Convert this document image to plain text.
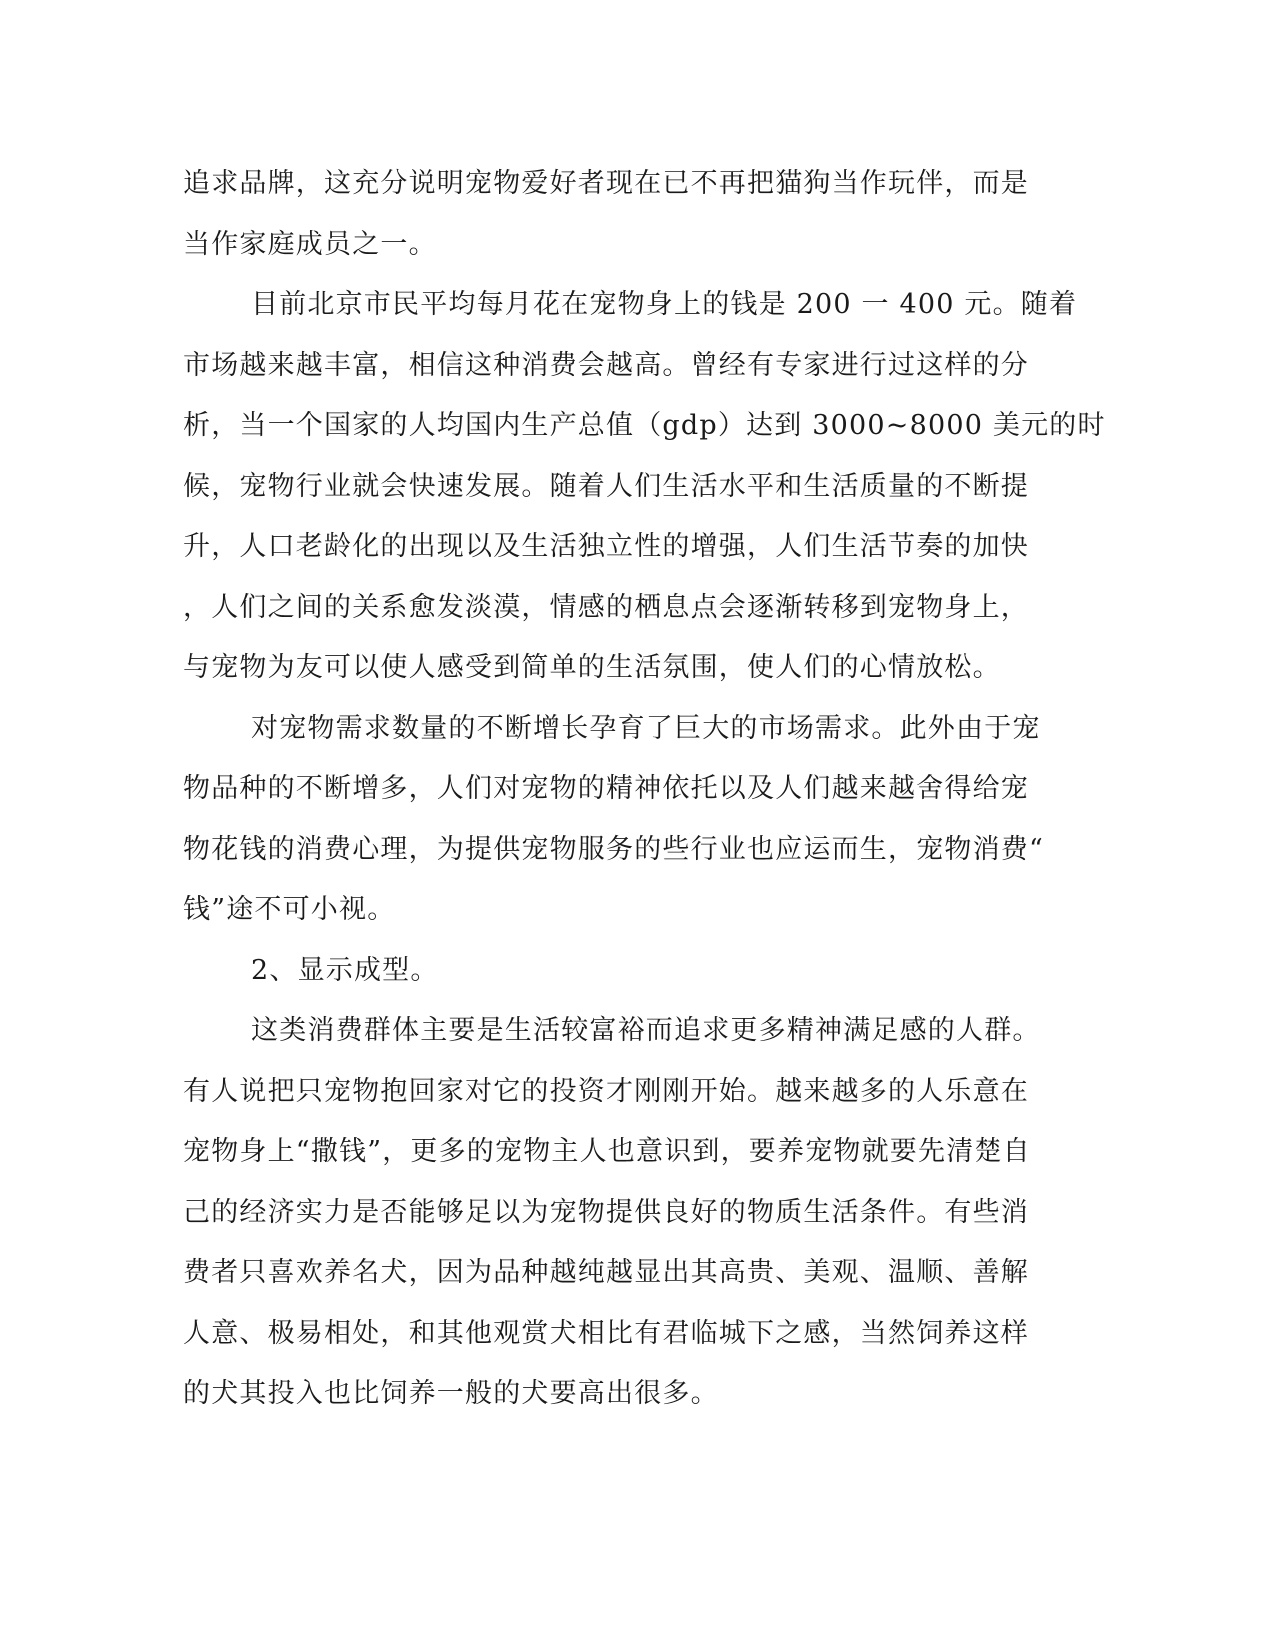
追求品牌，这充分说明宠物爱好者现在已不再把猫狗当作玩伴，而是
当作家庭成员之一。
目前北京市民平均每月花在宠物身上的钱是 200 一 400 元。随着
市场越来越丰富，相信这种消费会越高。曾经有专家进行过这样的分
析，当一个国家的人均国内生产总值（gdp）达到 3000~8000 美元的时
候，宠物行业就会快速发展。随着人们生活水平和生活质量的不断提
升，人口老龄化的出现以及生活独立性的增强，人们生活节奏的加快
，人们之间的关系愈发淡漠，情感的栖息点会逐渐转移到宠物身上，
与宠物为友可以使人感受到简单的生活氛围，使人们的心情放松。
对宠物需求数量的不断增长孕育了巨大的市场需求。此外由于宠
物品种的不断增多，人们对宠物的精神依托以及人们越来越舍得给宠
物花钱的消费心理，为提供宠物服务的些行业也应运而生，宠物消费“
钱”途不可小视。
2、显示成型。
这类消费群体主要是生活较富裕而追求更多精神满足感的人群。
有人说把只宠物抱回家对它的投资才刚刚开始。越来越多的人乐意在
宠物身上“撒钱”，更多的宠物主人也意识到，要养宠物就要先清楚自
己的经济实力是否能够足以为宠物提供良好的物质生活条件。有些消
费者只喜欢养名犬，因为品种越纯越显出其高贵、美观、温顺、善解
人意、极易相处，和其他观赏犬相比有君临城下之感，当然饲养这样
的犬其投入也比饲养一般的犬要高出很多。
